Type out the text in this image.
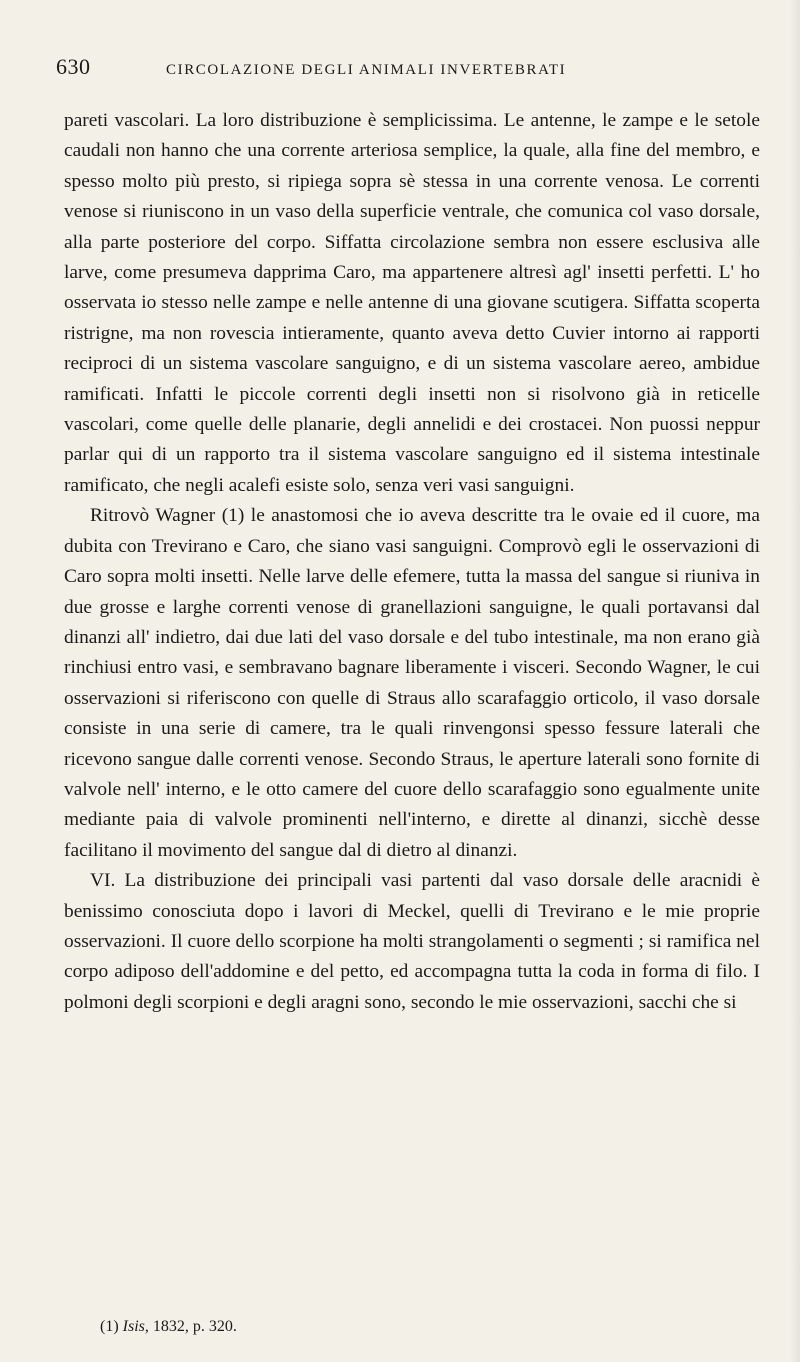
630	CIRCOLAZIONE DEGLI ANIMALI INVERTEBRATI

pareti vascolari. La loro distribuzione è semplicissima. Le antenne, le zampe e le setole caudali non hanno che una corrente arteriosa semplice, la quale, alla fine del membro, e spesso molto più presto, si ripiega sopra sè stessa in una corrente venosa. Le correnti venose si riuniscono in un vaso della superficie ventrale, che comunica col vaso dorsale, alla parte posteriore del corpo. Siffatta circolazione sembra non essere esclusiva alle larve, come presumeva dapprima Caro, ma appartenere altresì agl' insetti perfetti. L' ho osservata io stesso nelle zampe e nelle antenne di una giovane scutigera. Siffatta scoperta ristrigne, ma non rovescia intieramente, quanto aveva detto Cuvier intorno ai rapporti reciproci di un sistema vascolare sanguigno, e di un sistema vascolare aereo, ambidue ramificati. Infatti le piccole correnti degli insetti non si risolvono già in reticelle vascolari, come quelle delle planarie, degli annelidi e dei crostacei. Non puossi neppur parlar qui di un rapporto tra il sistema vascolare sanguigno ed il sistema intestinale ramificato, che negli acalefi esiste solo, senza veri vasi sanguigni.

Ritrovò Wagner (1) le anastomosi che io aveva descritte tra le ovaie ed il cuore, ma dubita con Treviranо e Caro, che siano vasi sanguigni. Comprovò egli le osservazioni di Caro sopra molti insetti. Nelle larve delle efemere, tutta la massa del sangue si riuniva in due grosse e larghe correnti venose di granellazioni sanguigne, le quali portavansi dal dinanzi all' indietro, dai due lati del vaso dorsale e del tubo intestinale, ma non erano già rinchiusi entro vasi, e sembravano bagnare liberamente i visceri. Secondo Wagner, le cui osservazioni si riferiscono con quelle di Straus allo scarafaggio orticolo, il vaso dorsale consiste in una serie di camere, tra le quali rinvengonsi spesso fessure laterali che ricevono sangue dalle correnti venose. Secondo Straus, le aperture laterali sono fornite di valvole nell' interno, e le otto camere del cuore dello scarafaggio sono egualmente unite mediante paia di valvole prominenti nell'interno, e dirette al dinanzi, sicchè desse facilitano il movimento del sangue dal di dietro al dinanzi.

VI. La distribuzione dei principali vasi partenti dal vaso dorsale delle aracnidi è benissimo conosciuta dopo i lavori di Meckel, quelli di Treviranо e le mie proprie osservazioni. Il cuore dello scorpione ha molti strangolamenti o segmenti ; si ramifica nel corpo adiposo dell'addomine e del petto, ed accompagna tutta la coda in forma di filo. I polmoni degli scorpioni e degli aragni sono, secondo le mie osservazioni, sacchi che si

(1) Isis, 1832, p. 320.
